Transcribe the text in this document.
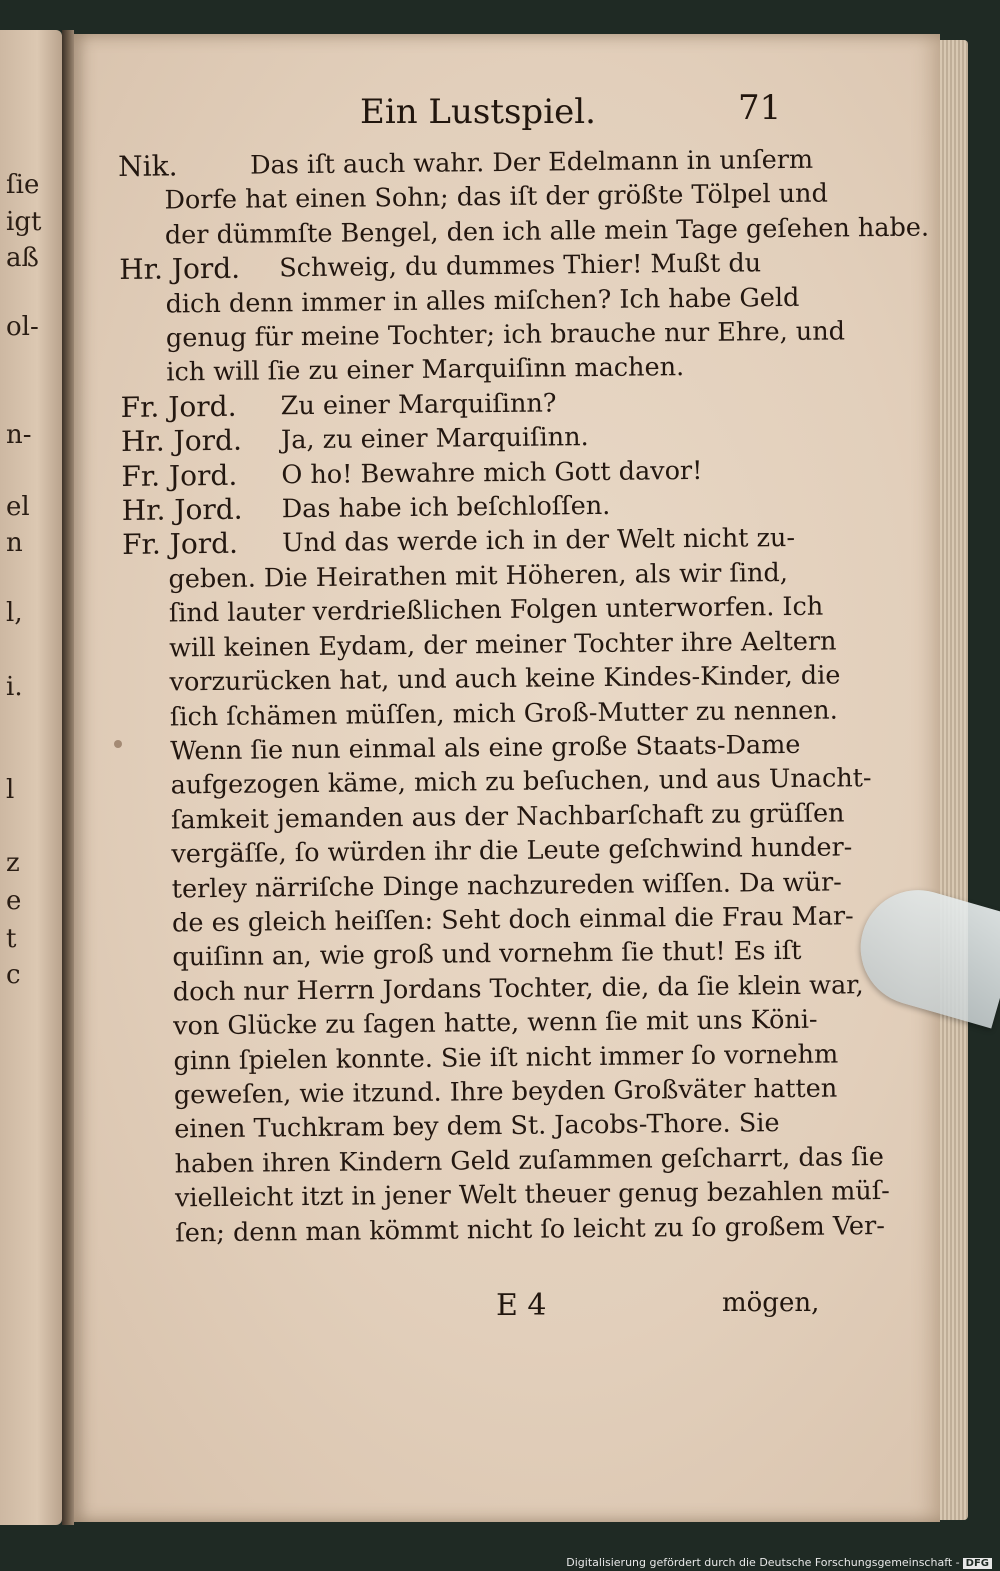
ſie
igt
aß
ol-
n-
el
n
l,
i.
l
z
e
t
c
Ein Lustspiel.	71
Nik.	Das iſt auch wahr. Der Edelmann in unſerm
Dorfe hat einen Sohn; das iſt der größte Tölpel und
der dümmſte Bengel, den ich alle mein Tage geſehen habe.
Hr. Jord.	Schweig, du dummes Thier! Mußt du
dich denn immer in alles miſchen? Ich habe Geld
genug für meine Tochter; ich brauche nur Ehre, und
ich will ſie zu einer Marquiſinn machen.
Fr. Jord.	Zu einer Marquiſinn?
Hr. Jord.	Ja, zu einer Marquiſinn.
Fr. Jord.	O ho! Bewahre mich Gott davor!
Hr. Jord.	Das habe ich beſchloſſen.
Fr. Jord.	Und das werde ich in der Welt nicht zu-
geben. Die Heirathen mit Höheren, als wir ſind,
ſind lauter verdrießlichen Folgen unterworfen. Ich
will keinen Eydam, der meiner Tochter ihre Aeltern
vorzurücken hat, und auch keine Kindes-Kinder, die
ſich ſchämen müſſen, mich Groß-Mutter zu nennen.
Wenn ſie nun einmal als eine große Staats-Dame
aufgezogen käme, mich zu beſuchen, und aus Unacht-
ſamkeit jemanden aus der Nachbarſchaft zu grüſſen
vergäſſe, ſo würden ihr die Leute geſchwind hunder-
terley närriſche Dinge nachzureden wiſſen. Da wür-
de es gleich heiſſen: Seht doch einmal die Frau Mar-
quiſinn an, wie groß und vornehm ſie thut! Es iſt
doch nur Herrn Jordans Tochter, die, da ſie klein war,
von Glücke zu ſagen hatte, wenn ſie mit uns Köni-
ginn ſpielen konnte. Sie iſt nicht immer ſo vornehm
geweſen, wie itzund. Ihre beyden Großväter hatten
einen Tuchkram bey dem St. Jacobs-Thore. Sie
haben ihren Kindern Geld zuſammen geſcharrt, das ſie
vielleicht itzt in jener Welt theuer genug bezahlen müſ-
ſen; denn man kömmt nicht ſo leicht zu ſo großem Ver-
E 4	mögen,
Digitalisierung gefördert durch die Deutsche Forschungsgemeinschaft - DFG
